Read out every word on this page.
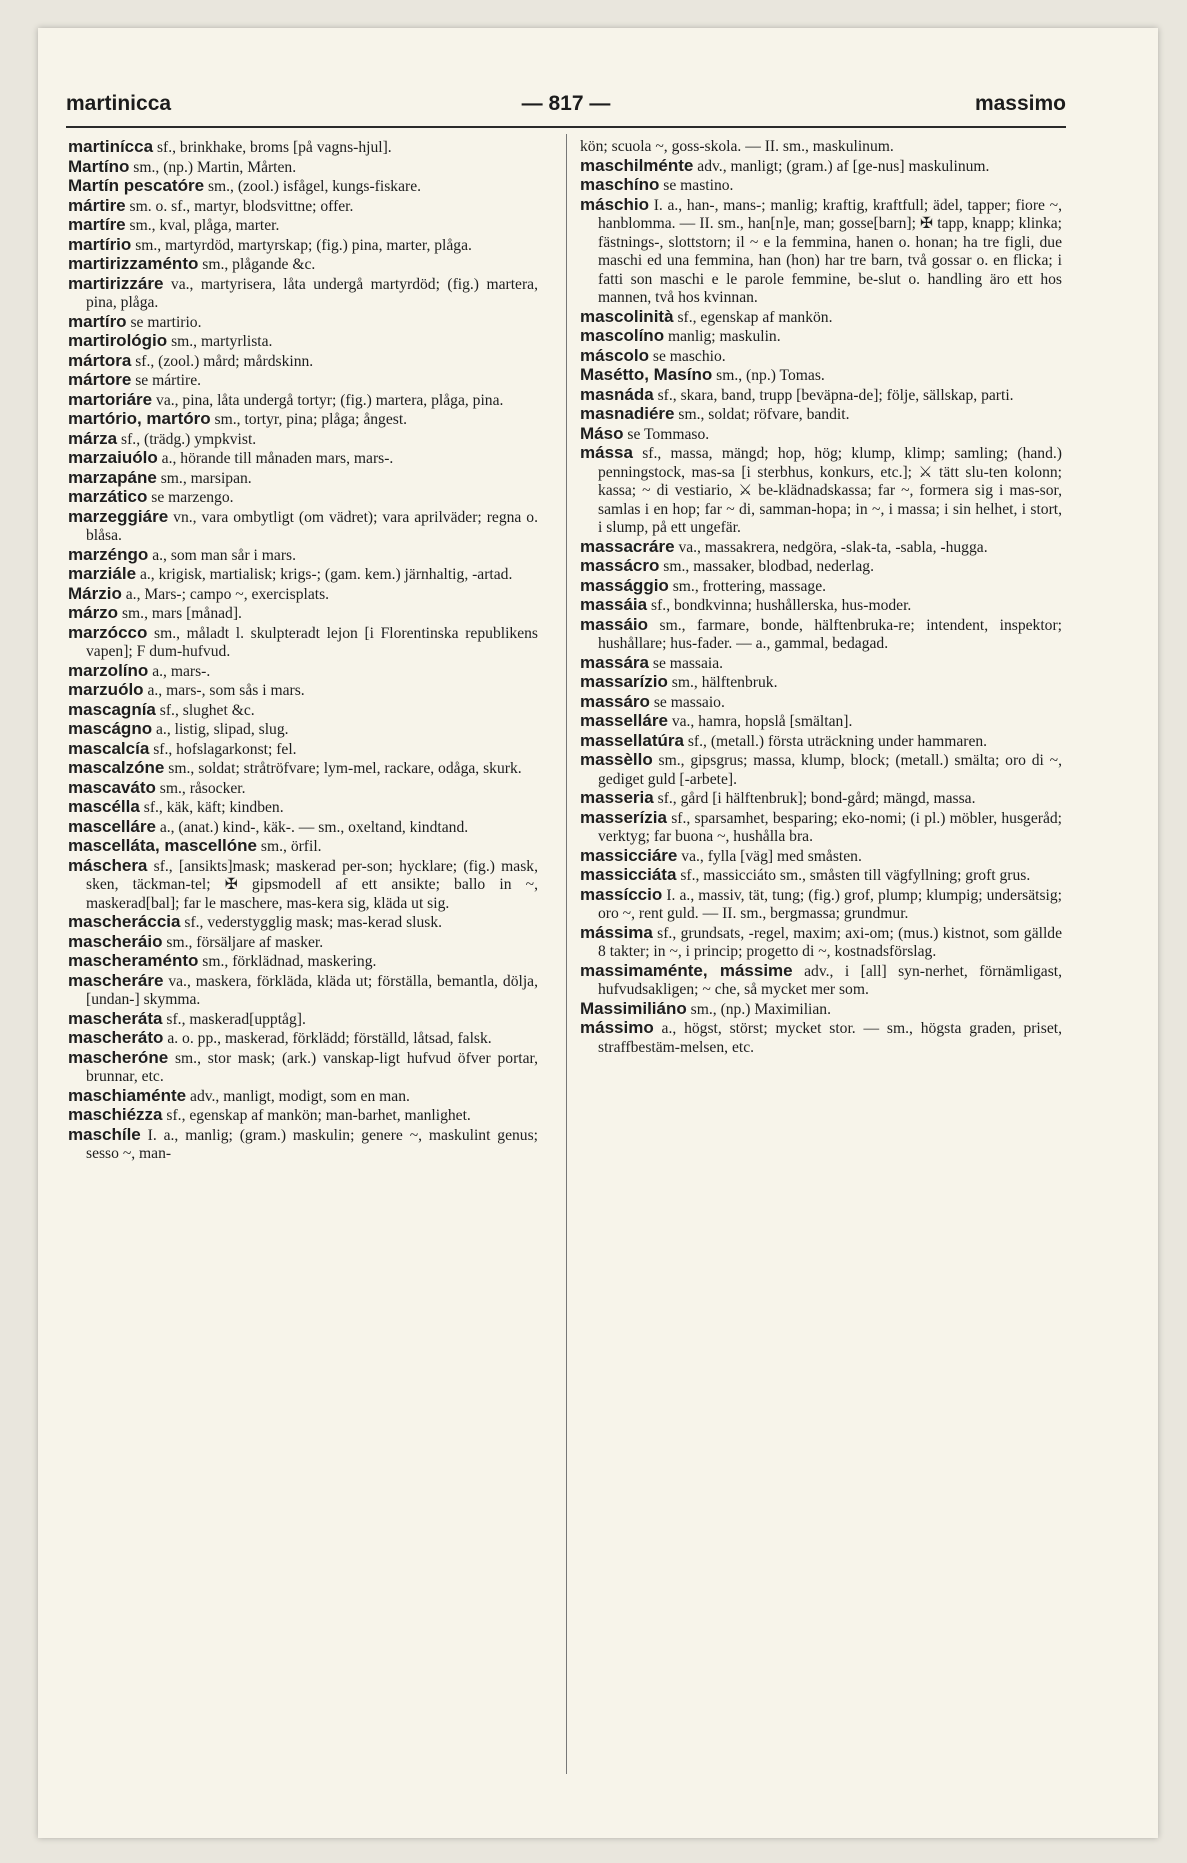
martinicca	— 817 —	massimo

martinícca sf., brinkhake, broms [på vagns-hjul].

Martíno sm., (np.) Martin, Mårten.

Martín pescatóre sm., (zool.) isfågel, kungs-fiskare.

mártire sm. o. sf., martyr, blodsvittne; offer.

martíre sm., kval, plåga, marter.

martírio sm., martyrdöd, martyrskap; (fig.) pina, marter, plåga.

martirizzaménto sm., plågande &c.

martirizzáre va., martyrisera, låta undergå martyrdöd; (fig.) martera, pina, plåga.

martíro se martirio.

martirológio sm., martyrlista.

mártora sf., (zool.) mård; mårdskinn.

mártore se mártire.

martoriáre va., pina, låta undergå tortyr; (fig.) martera, plåga, pina.

martório, martóro sm., tortyr, pina; plåga; ångest.

márza sf., (trädg.) ympkvist.

marzaiuólo a., hörande till månaden mars, mars-.

marzapáne sm., marsipan.

marzático se marzengo.

marzeggiáre vn., vara ombytligt (om vädret); vara aprilväder; regna o. blåsa.

marzéngo a., som man sår i mars.

marziále a., krigisk, martialisk; krigs-; (gam. kem.) järnhaltig, -artad.

Márzio a., Mars-; campo ~, exercisplats.

márzo sm., mars [månad].

marzócco sm., måladt l. skulpteradt lejon [i Florentinska republikens vapen]; F dum-hufvud.

marzolíno a., mars-.

marzuólo a., mars-, som sås i mars.

mascagnía sf., slughet &c.

mascágno a., listig, slipad, slug.

mascalcía sf., hofslagarkonst; fel.

mascalzóne sm., soldat; stråtröfvare; lym-mel, rackare, odåga, skurk.

mascaváto sm., råsocker.

mascélla sf., käk, käft; kindben.

mascelláre a., (anat.) kind-, käk-. — sm., oxeltand, kindtand.

mascelláta, mascellóne sm., örfil.

máschera sf., [ansikts]mask; maskerad per-son; hycklare; (fig.) mask, sken, täckman-tel; ✠ gipsmodell af ett ansikte; ballo in ~, maskerad[bal]; far le maschere, mas-kera sig, kläda ut sig.

mascheráccia sf., vederstygglig mask; mas-kerad slusk.

mascheráio sm., försäljare af masker.

mascheraménto sm., förklädnad, maskering.

mascheráre va., maskera, förkläda, kläda ut; förställa, bemantla, dölja, [undan-] skymma.

mascheráta sf., maskerad[upptåg].

mascheráto a. o. pp., maskerad, förklädd; förställd, låtsad, falsk.

mascheróne sm., stor mask; (ark.) vanskap-ligt hufvud öfver portar, brunnar, etc.

maschiaménte adv., manligt, modigt, som en man.

maschiézza sf., egenskap af mankön; man-barhet, manlighet.

maschíle I. a., manlig; (gram.) maskulin; genere ~, maskulint genus; sesso ~, man-

kön; scuola ~, goss-skola. — II. sm., maskulinum.

maschilménte adv., manligt; (gram.) af [ge-nus] maskulinum.

maschíno se mastino.

máschio I. a., han-, mans-; manlig; kraftig, kraftfull; ädel, tapper; fiore ~, hanblomma. — II. sm., han[n]e, man; gosse[barn]; ✠ tapp, knapp; klinka; fästnings-, slottstorn; il ~ e la femmina, hanen o. honan; ha tre figli, due maschi ed una femmina, han (hon) har tre barn, två gossar o. en flicka; i fatti son maschi e le parole femmine, be-slut o. handling äro ett hos mannen, två hos kvinnan.

mascolinità sf., egenskap af mankön.

mascolíno manlig; maskulin.

máscolo se maschio.

Masétto, Masíno sm., (np.) Tomas.

masnáda sf., skara, band, trupp [beväpna-de]; följe, sällskap, parti.

masnadiére sm., soldat; röfvare, bandit.

Máso se Tommaso.

mássa sf., massa, mängd; hop, hög; klump, klimp; samling; (hand.) penningstock, mas-sa [i sterbhus, konkurs, etc.]; ⚔ tätt slu-ten kolonn; kassa; ~ di vestiario, ⚔ be-klädnadskassa; far ~, formera sig i mas-sor, samlas i en hop; far ~ di, samman-hopa; in ~, i massa; i sin helhet, i stort, i slump, på ett ungefär.

massacráre va., massakrera, nedgöra, -slak-ta, -sabla, -hugga.

massácro sm., massaker, blodbad, nederlag.

massággio sm., frottering, massage.

massáia sf., bondkvinna; hushållerska, hus-moder.

massáio sm., farmare, bonde, hälftenbruka-re; intendent, inspektor; hushållare; hus-fader. — a., gammal, bedagad.

massára se massaia.

massarízio sm., hälftenbruk.

massáro se massaio.

masselláre va., hamra, hopslå [smältan].

massellatúra sf., (metall.) första uträckning under hammaren.

massèllo sm., gipsgrus; massa, klump, block; (metall.) smälta; oro di ~, gediget guld [-arbete].

masseria sf., gård [i hälftenbruk]; bond-gård; mängd, massa.

masserízia sf., sparsamhet, besparing; eko-nomi; (i pl.) möbler, husgeråd; verktyg; far buona ~, hushålla bra.

massicciáre va., fylla [väg] med småsten.

massicciáta sf., massicciáto sm., småsten till vägfyllning; groft grus.

massíccio I. a., massiv, tät, tung; (fig.) grof, plump; klumpig; undersätsig; oro ~, rent guld. — II. sm., bergmassa; grundmur.

mássima sf., grundsats, -regel, maxim; axi-om; (mus.) kistnot, som gällde 8 takter; in ~, i princip; progetto di ~, kostnadsförslag.

massimaménte, mássime adv., i [all] syn-nerhet, förnämligast, hufvudsakligen; ~ che, så mycket mer som.

Massimiliáno sm., (np.) Maximilian.

mássimo a., högst, störst; mycket stor. — sm., högsta graden, priset, straffbestäm-melsen, etc.
